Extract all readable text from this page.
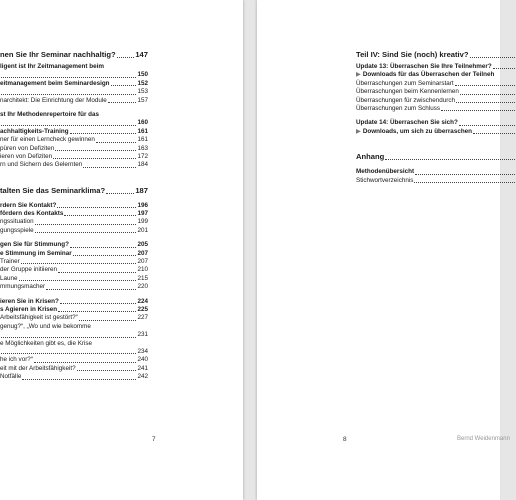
nen Sie Ihr Seminar nachhaltig?	147
ligent ist Ihr Zeitmanagement beim
150
eitmanagement beim Seminardesign	152
153
narchitekt: Die Einrichtung der Module	157
st Ihr Methodenrepertoire für das
160
achhaltigkeits-Training	161
ner für einen Lerncheck gewinnen	161
püren von Defiziten	163
ieren von Defiziten	172
rn und Sichern des Gelernten	184
talten Sie das Seminarklima?	187
rdern Sie Kontakt?	196
fördern des Kontakts	197
ngssituation	199
gungsspiele	201
gen Sie für Stimmung?	205
e Stimmung im Seminar	207
Trainer	207
der Gruppe initiieren	210
Laune	215
mmungsmacher	220
ieren Sie in Krisen?	224
s Agieren in Krisen	225
Arbeitsfähigkeit ist gestört?“	227
genug?“, „Wo und wie bekomme
231
e Möglichkeiten gibt es, die Krise
234
he ich vor?“	240
eit mit der Arbeitsfähigkeit?	241
Notfälle	242
7
Teil IV: Sind Sie (noch) kreativ?
Update 13: Überraschen Sie Ihre Teilnehmer?
▶ Downloads für das Überraschen der Teilneh
Überraschungen zum Seminarstart
Überraschungen beim Kennenlernen
Überraschungen für zwischendurch
Überraschungen zum Schluss
Update 14: Überraschen Sie sich?
▶ Downloads, um sich zu überraschen
Anhang
Methodenübersicht
Stichwortverzeichnis
8	Bernd Weidenmann
